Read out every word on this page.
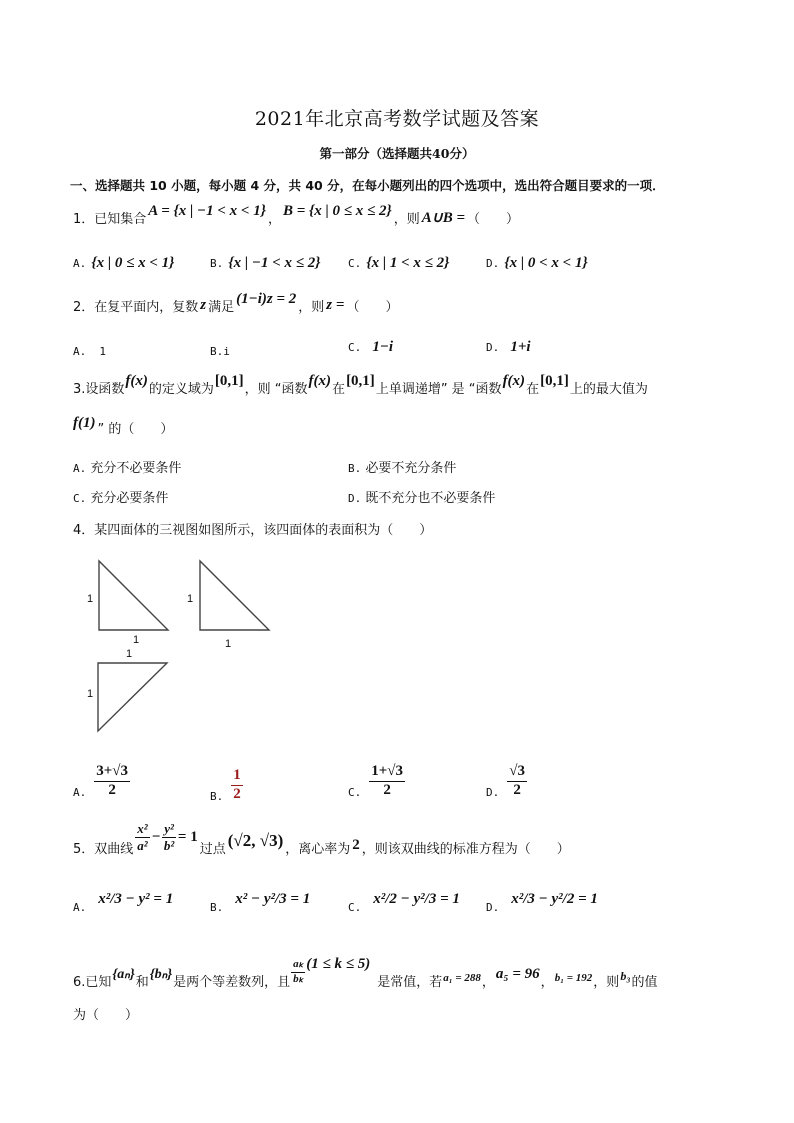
2021年北京高考数学试题及答案
第一部分（选择题共40分）
一、选择题共 10 小题，每小题 4 分，共 40 分，在每小题列出的四个选项中，选出符合题目要求的一项．
1．已知集合
A = {x | −1 < x < 1}
，
B = {x | 0 ≤ x ≤ 2}
，则 A∪B = （　　）
A. {x | 0 ≤ x < 1}	B. {x | −1 < x ≤ 2}	C. {x | 1 < x ≤ 2}	D. {x | 0 < x < 1}
2．在复平面内，复数 z 满足
(1−i)z = 2
，则 z = （　　）
A. 1	B.i	C. 1−i	D. 1+i
3.设函数
f(x)
的定义域为
[0,1]
，则 “函数
f(x)
在
[0,1]
上单调递增” 是 “函数
f(x)
在
[0,1]
上的最大值为
f(1) ” 的（　　）
A. 充分不必要条件	B. 必要不充分条件
C. 充分必要条件	D. 既不充分也不必要条件
4．某四面体的三视图如图所示，该四面体的表面积为（　　）
1
1
1
1
1
1
A. $\frac{3+√3}{2}$	B. $\frac{1}{2}$	C. $\frac{1+√3}{2}$	D. $\frac{√3}{2}$
5．双曲线 $\frac{\text{x²}}{\text{a²}} - \frac{\text{y²}}{\text{b²}} = 1$
过点 (√2, √3) ，离心率为 2 ，则该双曲线的标准方程为（　　）
A.
x²/3 − y² = 1
B.
x² − y²/3 = 1
C.
x²/2 − y²/3 = 1
D.
x²/3 − y²/2 = 1
6.已知
{aₙ}
和
{bₙ}
是两个等差数列，且 $\frac{\text{aₖ}}{\text{bₖ}} (1 \le k \le 5)$
是常值，若 a₁ = 288 ，
a₅ = 96
， b₁ = 192 ，则 b₃ 的值
为（　　）
